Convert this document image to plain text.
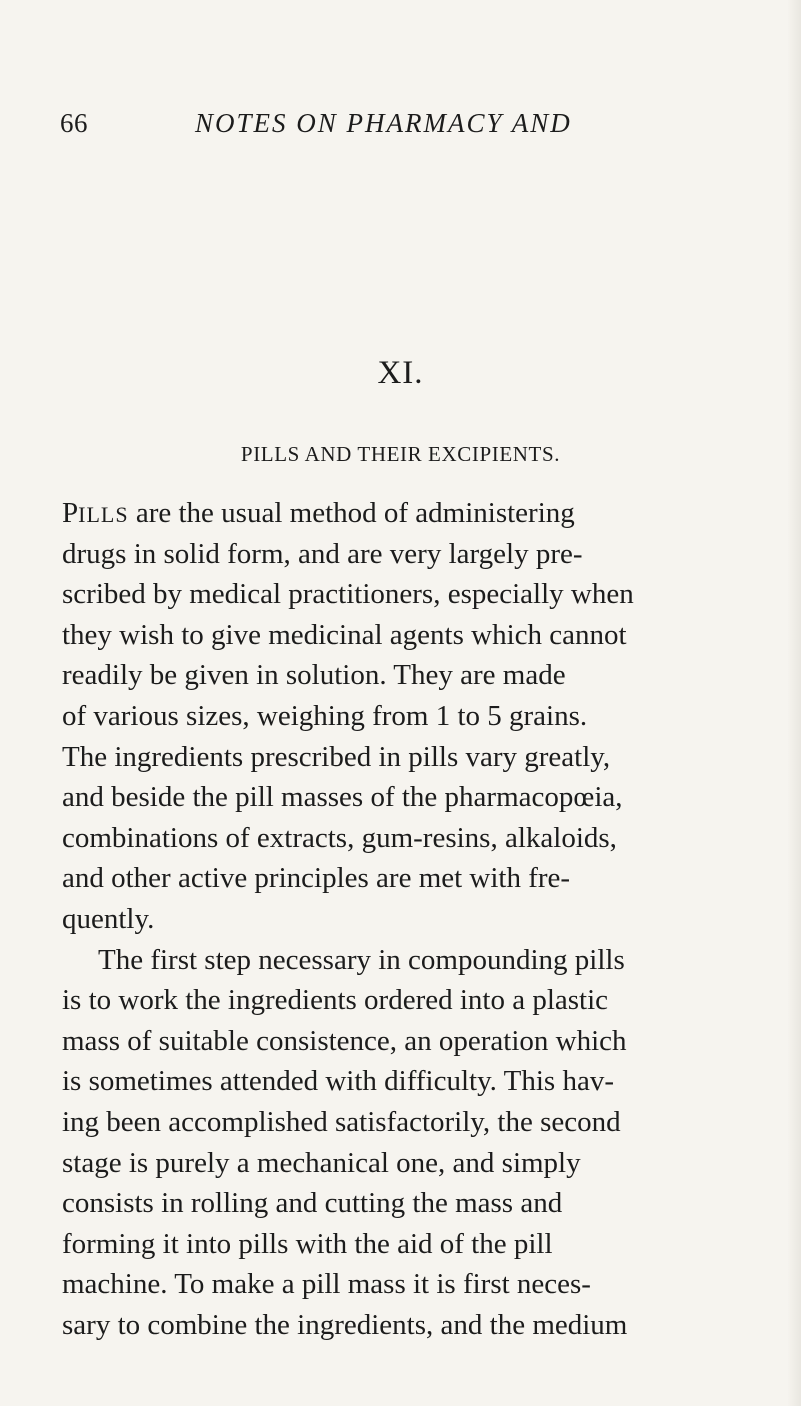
66	NOTES ON PHARMACY AND
XI.
PILLS AND THEIR EXCIPIENTS.
PILLS are the usual method of administering
drugs in solid form, and are very largely pre-
scribed by medical practitioners, especially when
they wish to give medicinal agents which cannot
readily be given in solution. They are made
of various sizes, weighing from 1 to 5 grains.
The ingredients prescribed in pills vary greatly,
and beside the pill masses of the pharmacopœia,
combinations of extracts, gum-resins, alkaloids,
and other active principles are met with fre-
quently.
The first step necessary in compounding pills
is to work the ingredients ordered into a plastic
mass of suitable consistence, an operation which
is sometimes attended with difficulty. This hav-
ing been accomplished satisfactorily, the second
stage is purely a mechanical one, and simply
consists in rolling and cutting the mass and
forming it into pills with the aid of the pill
machine. To make a pill mass it is first neces-
sary to combine the ingredients, and the medium
